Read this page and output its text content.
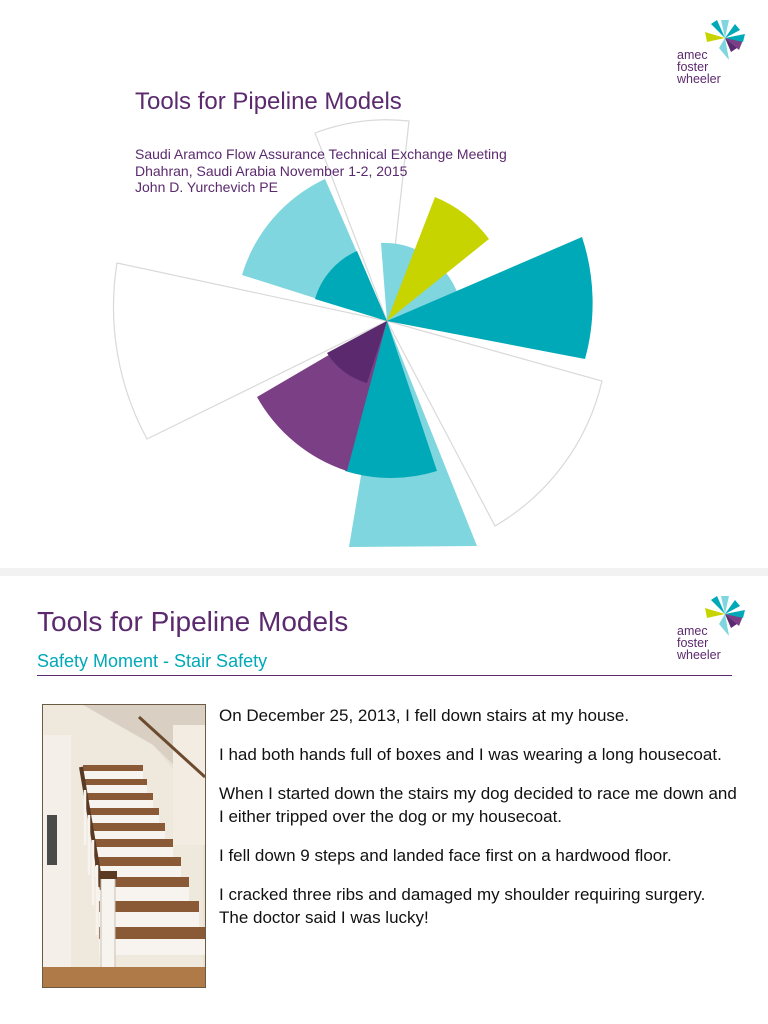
amec
foster
wheeler
Tools for Pipeline Models
Saudi Aramco Flow Assurance Technical Exchange Meeting
Dhahran, Saudi Arabia November 1-2, 2015
John D. Yurchevich PE
amec
foster
wheeler
Tools for Pipeline Models
Safety Moment - Stair Safety

On December 25, 2013, I fell down stairs at my house.

I had both hands full of boxes and I was wearing a long housecoat.

When I started down the stairs my dog decided to race me down and I either tripped over the dog or my housecoat.

I fell down 9 steps and landed face first on a hardwood floor.

I cracked three ribs and damaged my shoulder requiring surgery. The doctor said I was lucky!
